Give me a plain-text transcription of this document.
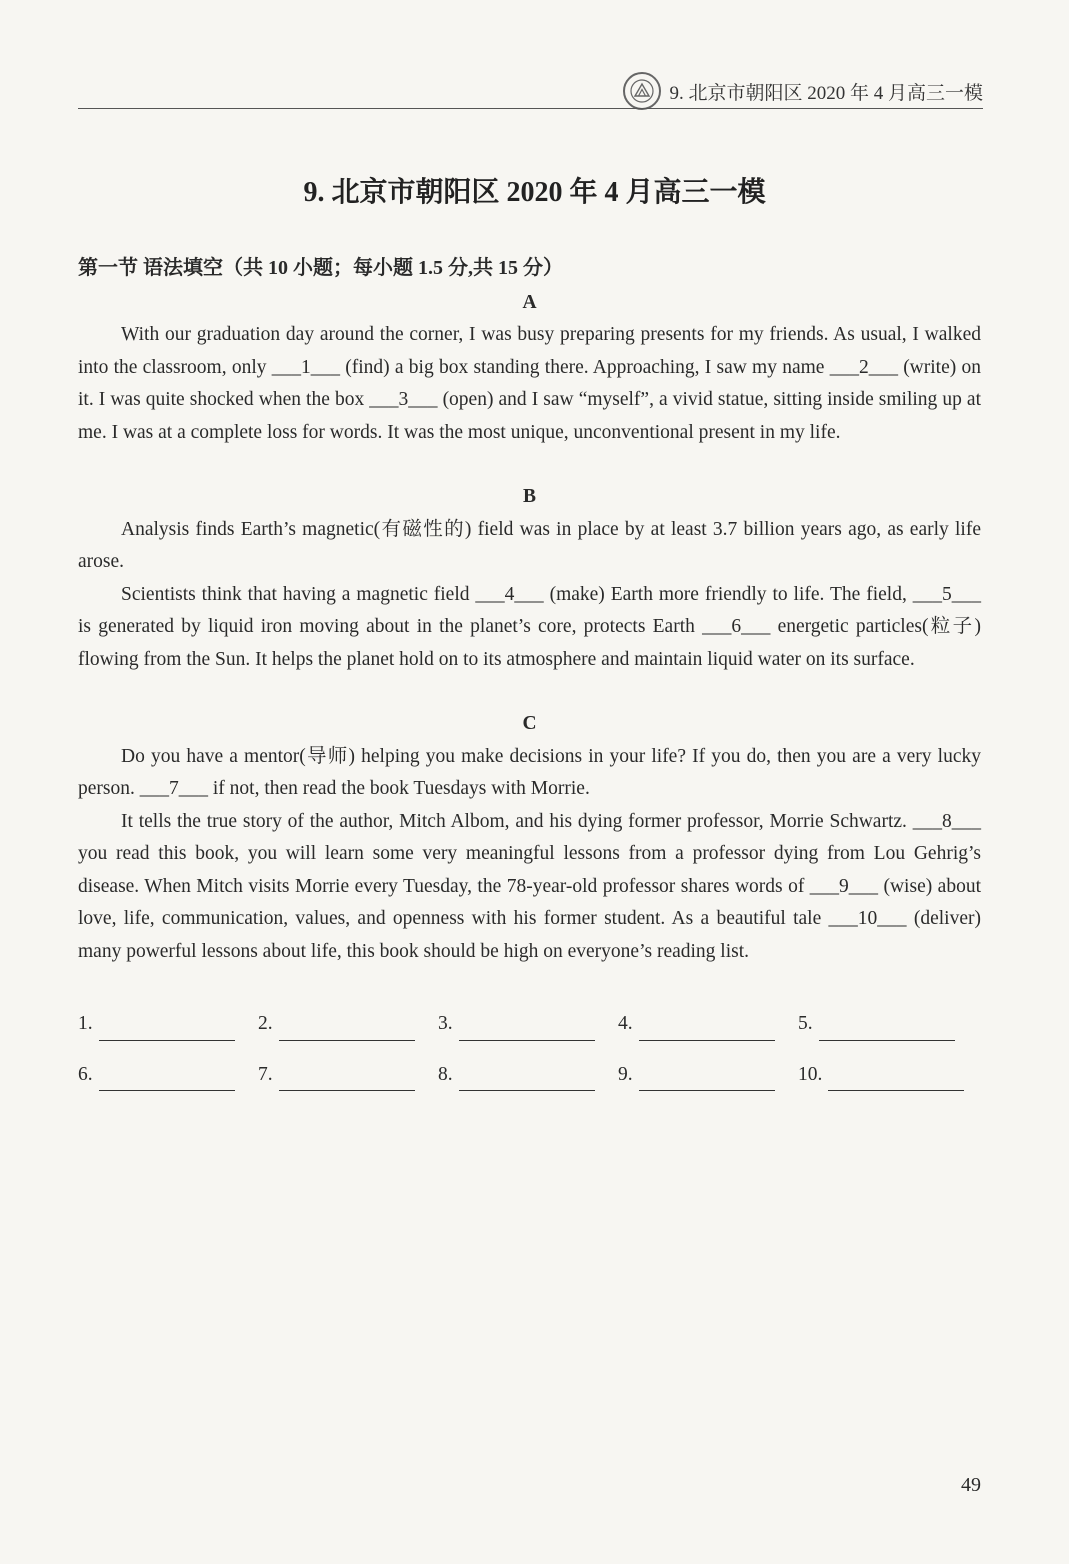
9. 北京市朝阳区 2020 年 4 月高三一模
9. 北京市朝阳区 2020 年 4 月高三一模

第一节 语法填空（共 10 小题；每小题 1.5 分,共 15 分）

A

With our graduation day around the corner, I was busy preparing presents for my friends. As usual, I walked into the classroom, only ___1___ (find) a big box standing there. Approaching, I saw my name ___2___ (write) on it. I was quite shocked when the box ___3___ (open) and I saw “myself”, a vivid statue, sitting inside smiling up at me. I was at a complete loss for words. It was the most unique, unconventional present in my life.

B

Analysis finds Earth’s magnetic(有磁性的) field was in place by at least 3.7 billion years ago, as early life arose.

Scientists think that having a magnetic field ___4___ (make) Earth more friendly to life. The field, ___5___ is generated by liquid iron moving about in the planet’s core, protects Earth ___6___ energetic particles(粒子) flowing from the Sun. It helps the planet hold on to its atmosphere and maintain liquid water on its surface.

C

Do you have a mentor(导师) helping you make decisions in your life? If you do, then you are a very lucky person. ___7___ if not, then read the book Tuesdays with Morrie.

It tells the true story of the author, Mitch Albom, and his dying former professor, Morrie Schwartz. ___8___ you read this book, you will learn some very meaningful lessons from a professor dying from Lou Gehrig’s disease. When Mitch visits Morrie every Tuesday, the 78-year-old professor shares words of ___9___ (wise) about love, life, communication, values, and openness with his former student. As a beautiful tale ___10___ (deliver) many powerful lessons about life, this book should be high on everyone’s reading list.

1.	2.	3.	4.	5.
6.	7.	8.	9.	10.
49
